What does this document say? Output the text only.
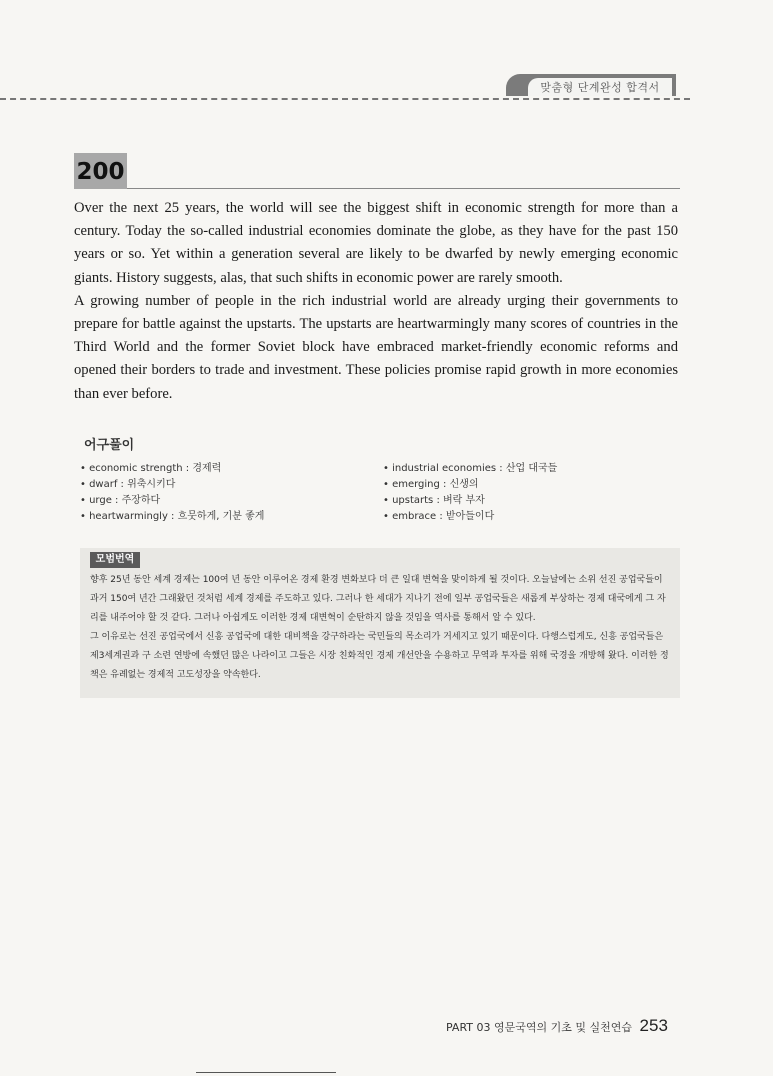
맞춤형 단계완성 합격서
200

Over the next 25 years, the world will see the biggest shift in economic strength for more than a century. Today the so-called industrial economies dominate the globe, as they have for the past 150 years or so. Yet within a generation several are likely to be dwarfed by newly emerging economic giants. History suggests, alas, that such shifts in economic power are rarely smooth.

A growing number of people in the rich industrial world are already urging their governments to prepare for battle against the upstarts. The upstarts are heartwarmingly many scores of countries in the Third World and the former Soviet block have embraced market-friendly economic reforms and opened their borders to trade and investment. These policies promise rapid growth in more economies than ever before.

어구풀이
• economic strength : 경제력
• dwarf : 위축시키다
• urge : 주장하다
• heartwarmingly : 흐뭇하게, 기분 좋게
• industrial economies : 산업 대국들
• emerging : 신생의
• upstarts : 벼락 부자
• embrace : 받아들이다
모범번역

향후 25년 동안 세계 경제는 100여 년 동안 이루어온 경제 환경 변화보다 더 큰 일대 변혁을 맞이하게 될 것이다. 오늘날에는 소위 선진 공업국들이 과거 150여 년간 그래왔던 것처럼 세계 경제를 주도하고 있다. 그러나 한 세대가 지나기 전에 일부 공업국들은 새롭게 부상하는 경제 대국에게 그 자리를 내주어야 할 것 같다. 그러나 아쉽게도 이러한 경제 대변혁이 순탄하지 않을 것임을 역사를 통해서 알 수 있다.

그 이유로는 선진 공업국에서 신흥 공업국에 대한 대비책을 강구하라는 국민들의 목소리가 거세지고 있기 때문이다. 다행스럽게도, 신흥 공업국들은 제3세계권과 구 소련 연방에 속했던 많은 나라이고 그들은 시장 친화적인 경제 개선안을 수용하고 무역과 투자를 위해 국경을 개방해 왔다. 이러한 정책은 유례없는 경제적 고도성장을 약속한다.

PART 03 영문국역의 기초 및 실천연습 253
